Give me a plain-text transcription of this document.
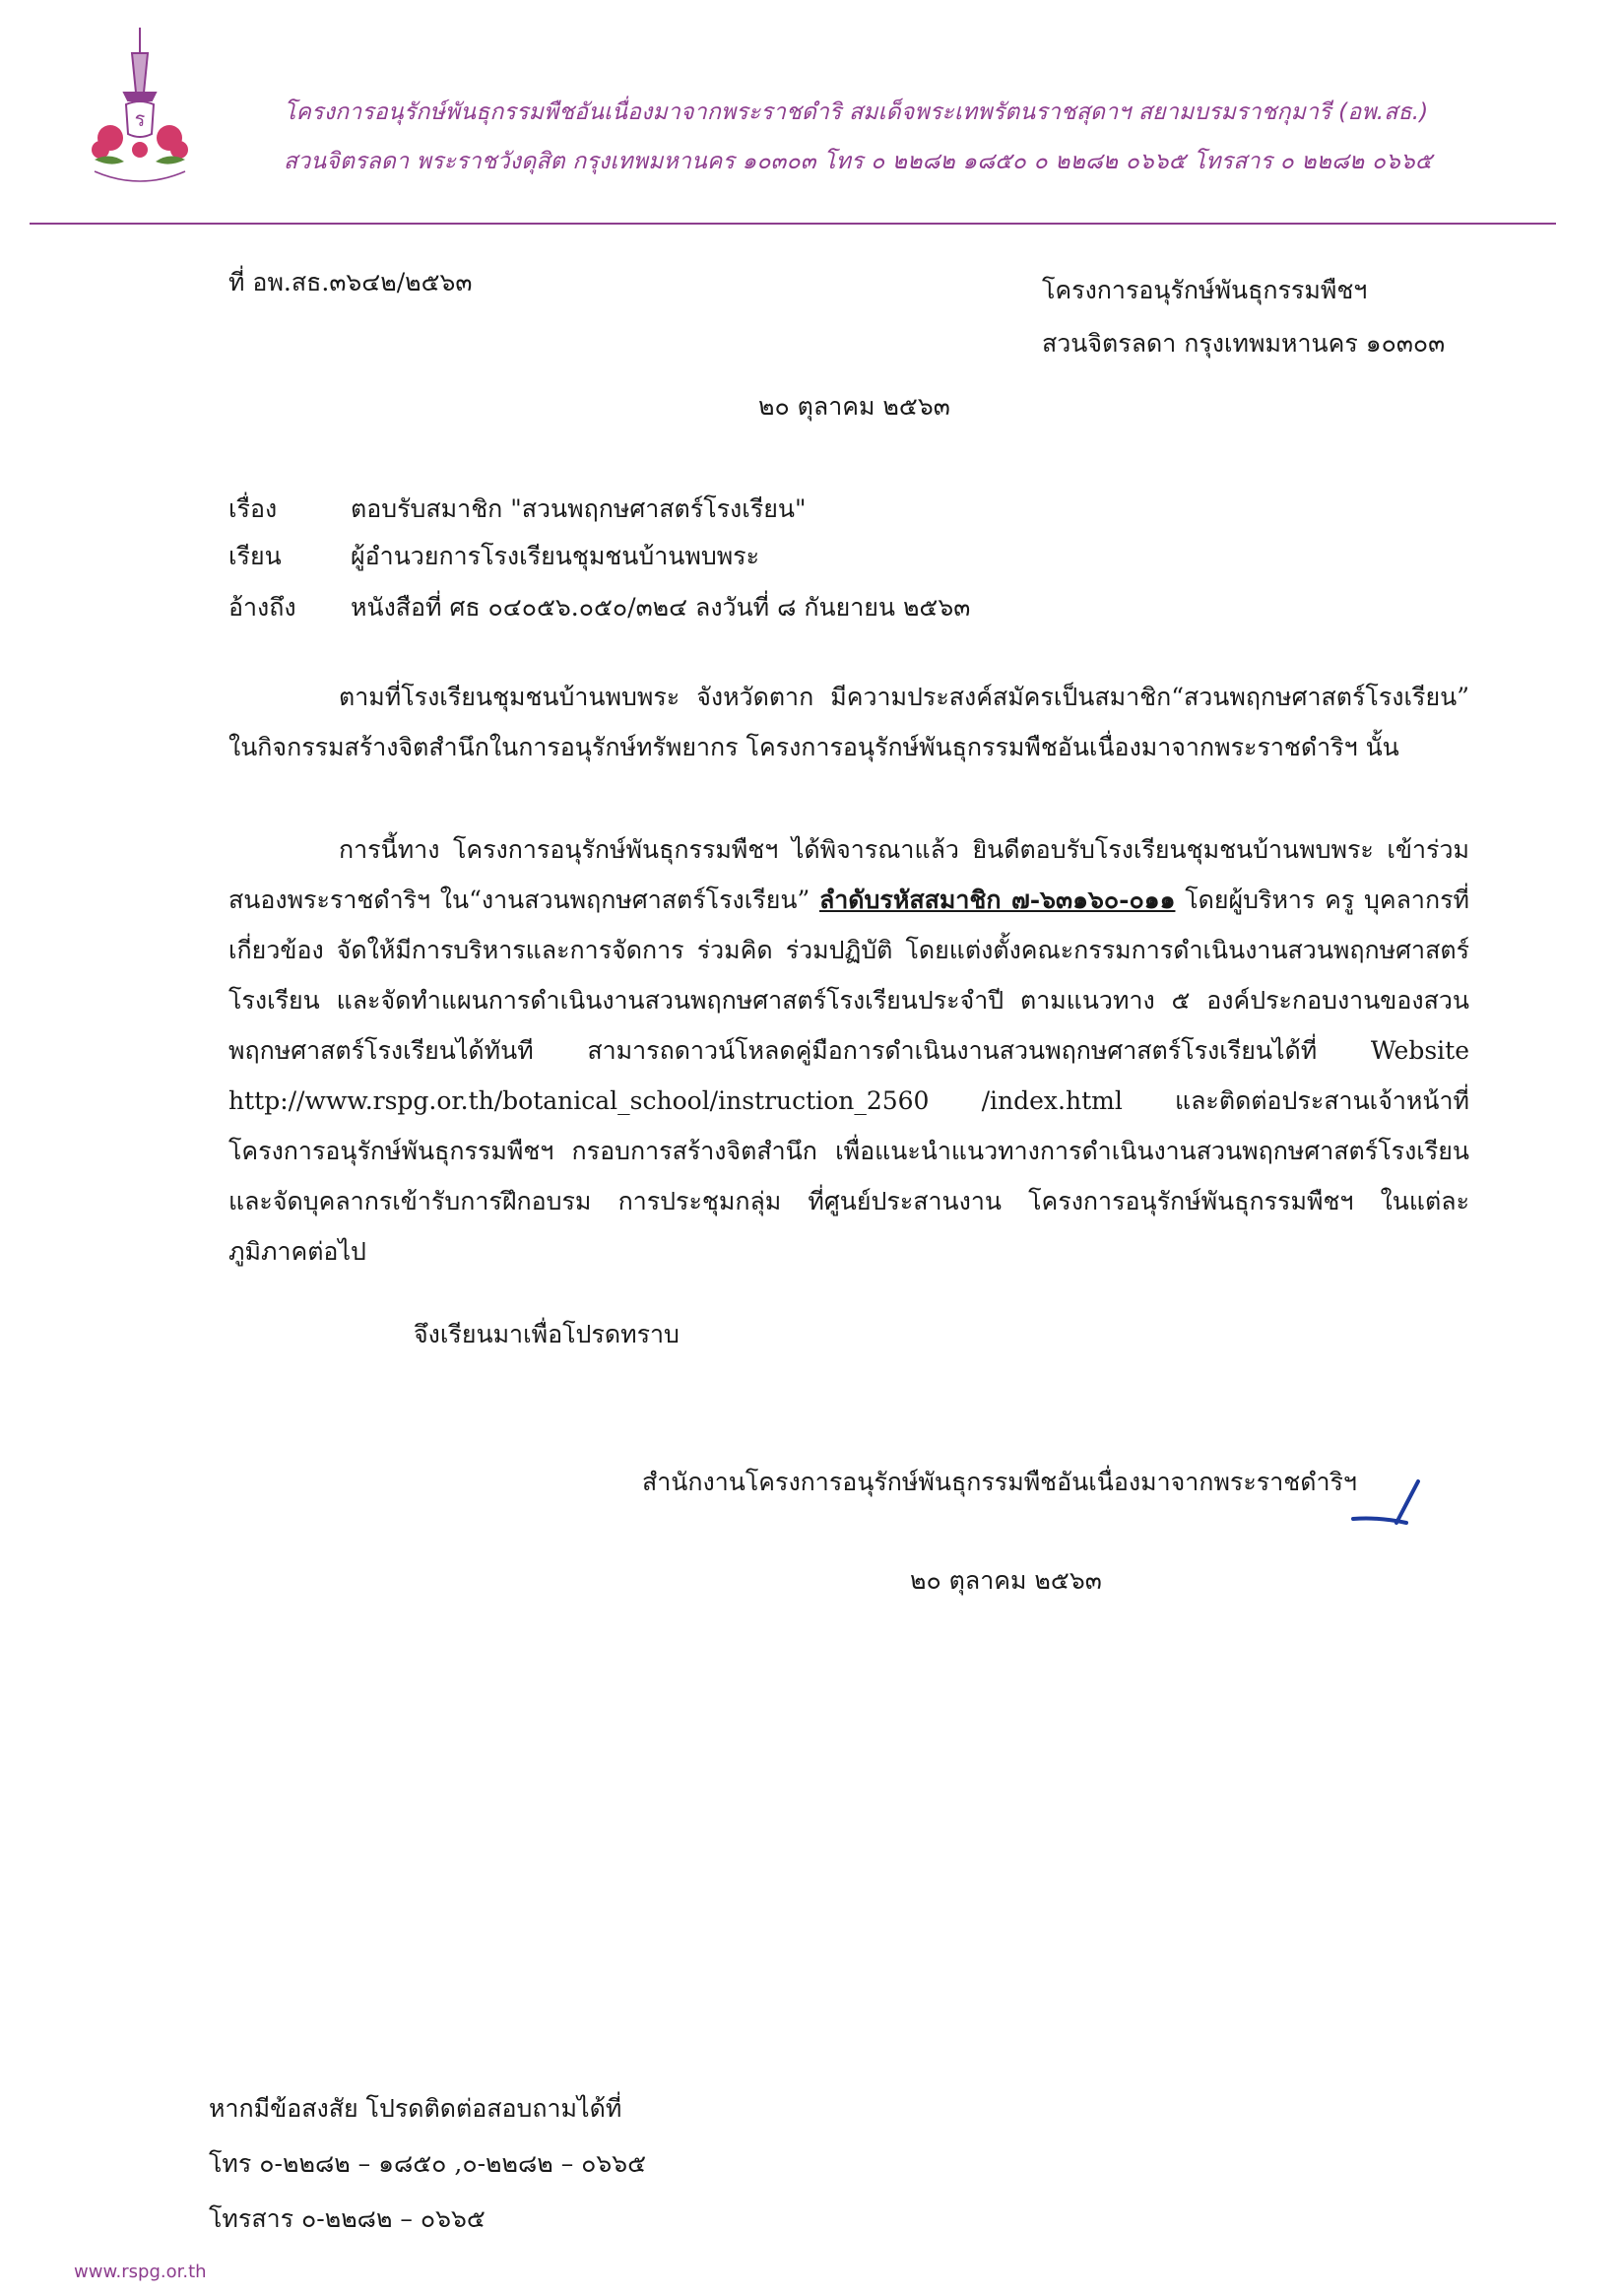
ร	โครงการอนุรักษ์พันธุกรรมพืชอันเนื่องมาจากพระราชดำริ สมเด็จพระเทพรัตนราชสุดาฯ สยามบรมราชกุมารี (อพ.สธ.)
สวนจิตรลดา พระราชวังดุสิต กรุงเทพมหานคร ๑๐๓๐๓ โทร ๐ ๒๒๘๒ ๑๘๕๐ ๐ ๒๒๘๒ ๐๖๖๕ โทรสาร ๐ ๒๒๘๒ ๐๖๖๕
ที่ อพ.สธ.๓๖๔๒/๒๕๖๓	โครงการอนุรักษ์พันธุกรรมพืชฯ
สวนจิตรลดา กรุงเทพมหานคร ๑๐๓๐๓
๒๐ ตุลาคม ๒๕๖๓
เรื่อง	ตอบรับสมาชิก "สวนพฤกษศาสตร์โรงเรียน"
เรียน	ผู้อำนวยการโรงเรียนชุมชนบ้านพบพระ
อ้างถึง หนังสือที่ ศธ ๐๔๐๕๖.๐๕๐/๓๒๔ ลงวันที่ ๘ กันยายน ๒๕๖๓
ตามที่โรงเรียนชุมชนบ้านพบพระ จังหวัดตาก มีความประสงค์สมัครเป็นสมาชิก“สวนพฤกษศาสตร์โรงเรียน” ในกิจกรรมสร้างจิตสำนึกในการอนุรักษ์ทรัพยากร โครงการอนุรักษ์พันธุกรรมพืชอันเนื่องมาจากพระราชดำริฯ นั้น
การนี้ทาง โครงการอนุรักษ์พันธุกรรมพืชฯ ได้พิจารณาแล้ว ยินดีตอบรับโรงเรียนชุมชนบ้านพบพระ เข้าร่วมสนองพระราชดำริฯ ใน“งานสวนพฤกษศาสตร์โรงเรียน” ลำดับรหัสสมาชิก ๗-๖๓๑๖๐-๐๑๑ โดยผู้บริหาร ครู บุคลากรที่เกี่ยวข้อง จัดให้มีการบริหารและการจัดการ ร่วมคิด ร่วมปฏิบัติ โดยแต่งตั้งคณะกรรมการดำเนินงานสวนพฤกษศาสตร์โรงเรียน และจัดทำแผนการดำเนินงานสวนพฤกษศาสตร์โรงเรียนประจำปี ตามแนวทาง ๕ องค์ประกอบงานของสวนพฤกษศาสตร์โรงเรียนได้ทันที สามารถดาวน์โหลดคู่มือการดำเนินงานสวนพฤกษศาสตร์โรงเรียนได้ที่ Website http://www.rspg.or.th/botanical_school/instruction_2560 /index.html และติดต่อประสานเจ้าหน้าที่ โครงการอนุรักษ์พันธุกรรมพืชฯ กรอบการสร้างจิตสำนึก เพื่อแนะนำแนวทางการดำเนินงานสวนพฤกษศาสตร์โรงเรียน และจัดบุคลากรเข้ารับการฝึกอบรม การประชุมกลุ่ม ที่ศูนย์ประสานงาน โครงการอนุรักษ์พันธุกรรมพืชฯ ในแต่ละภูมิภาคต่อไป
จึงเรียนมาเพื่อโปรดทราบ
สำนักงานโครงการอนุรักษ์พันธุกรรมพืชอันเนื่องมาจากพระราชดำริฯ
๒๐ ตุลาคม ๒๕๖๓
หากมีข้อสงสัย โปรดติดต่อสอบถามได้ที่
โทร ๐-๒๒๘๒ – ๑๘๕๐ ,๐-๒๒๘๒ – ๐๖๖๕
โทรสาร ๐-๒๒๘๒ – ๐๖๖๕
www.rspg.or.th
